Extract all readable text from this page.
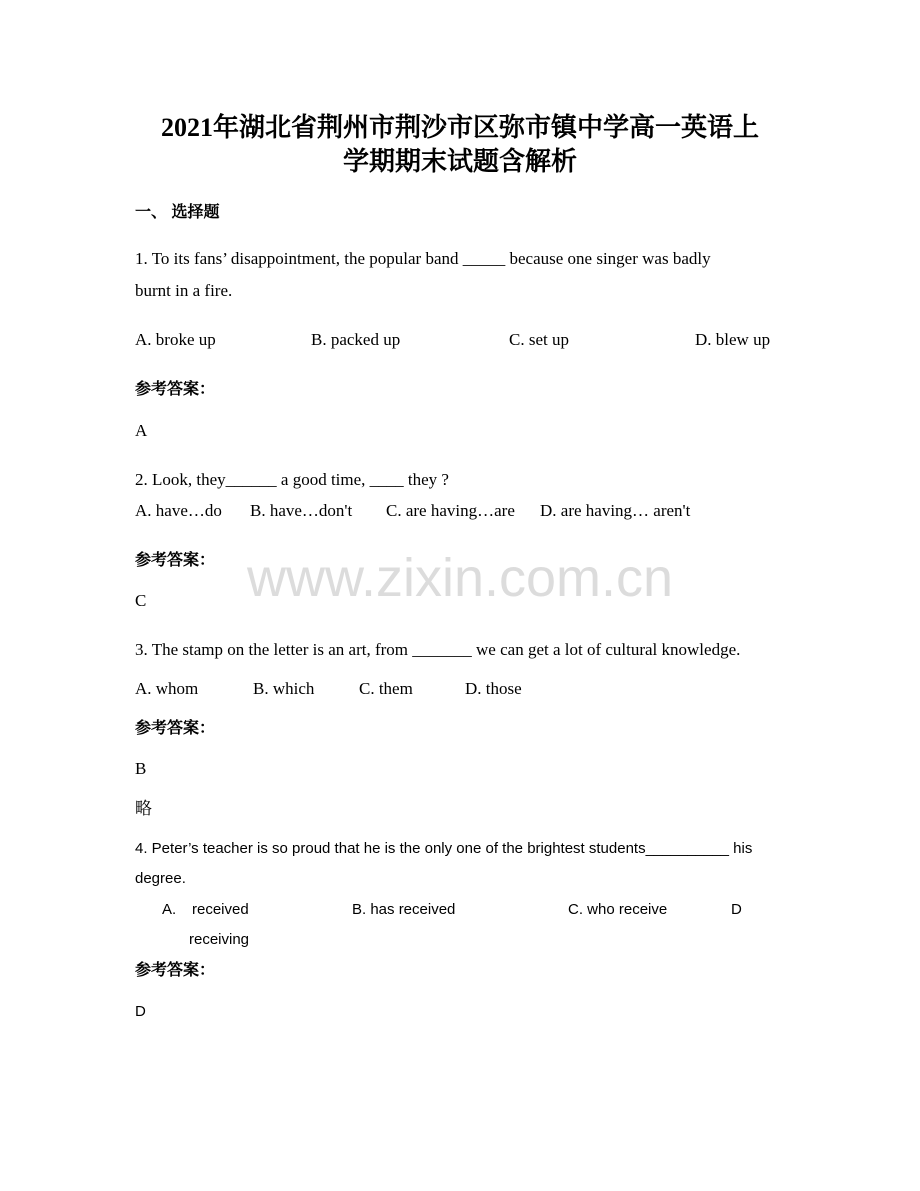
www.zixin.com.cn
2021年湖北省荆州市荆沙市区弥市镇中学高一英语上
学期期末试题含解析
一、 选择题
1. To its fans’ disappointment, the popular band _____ because one singer was badly
burnt in a fire.
A. broke up	B. packed up	C. set up	D. blew up
参考答案：
A
2. Look, they______ a good time, ____ they ?
A. have…do B. have…don't C. are having…are D. are having… aren't
参考答案：
C
3. The stamp on the letter is an art, from _______ we can get a lot of cultural knowledge.
A. whom	B. which	C. them	D. those
参考答案：
B
略
4. Peter’s teacher is so proud that he is the only one of the brightest students__________ his
degree.
A. received	B. has received	C. who receive	D
receiving
参考答案：
D
